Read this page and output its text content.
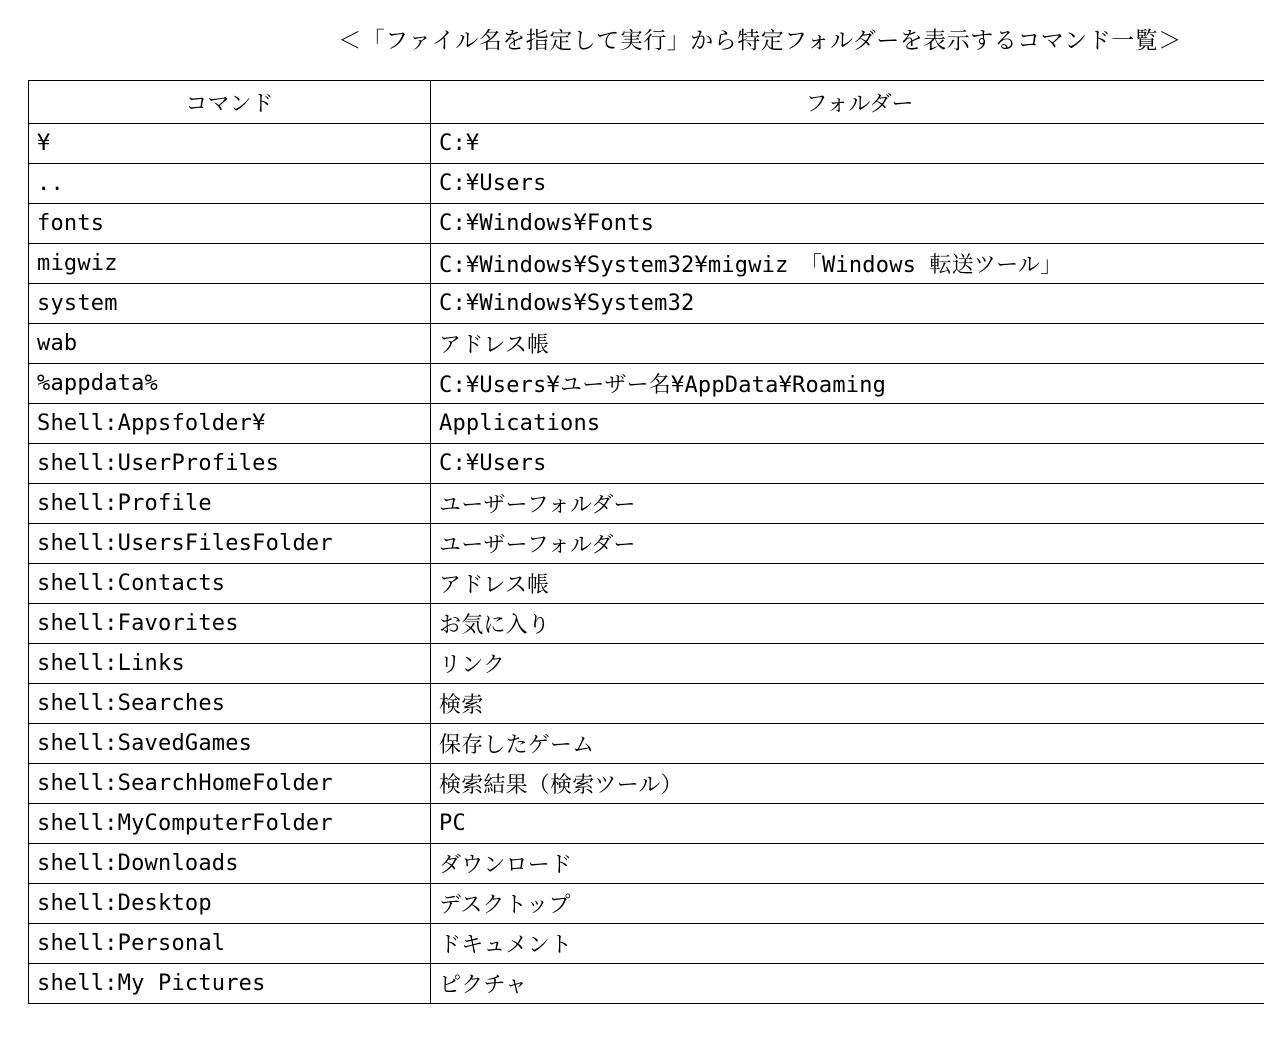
＜「ファイル名を指定して実行」から特定フォルダーを表示するコマンド一覧＞
コマンド	フォルダー
¥	C:¥
..	C:¥Users
fonts	C:¥Windows¥Fonts
migwiz	C:¥Windows¥System32¥migwiz　「Windows 転送ツール」
system	C:¥Windows¥System32
wab	アドレス帳
%appdata%	C:¥Users¥ユーザー名¥AppData¥Roaming
Shell:Appsfolder¥	Applications
shell:UserProfiles	C:¥Users
shell:Profile	ユーザーフォルダー
shell:UsersFilesFolder	ユーザーフォルダー
shell:Contacts	アドレス帳
shell:Favorites	お気に入り
shell:Links	リンク
shell:Searches	検索
shell:SavedGames	保存したゲーム
shell:SearchHomeFolder	検索結果（検索ツール）
shell:MyComputerFolder	PC
shell:Downloads	ダウンロード
shell:Desktop	デスクトップ
shell:Personal	ドキュメント
shell:My Pictures	ピクチャ
